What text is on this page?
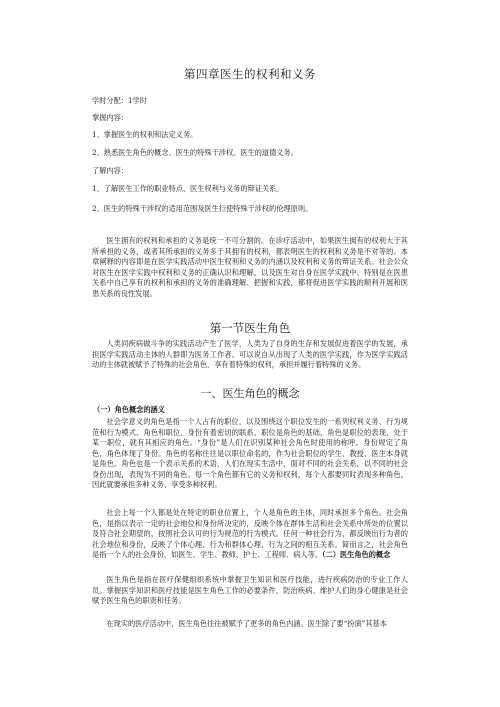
第四章医生的权利和义务
学时分配：1学时
掌握内容：
1、掌握医生的权利和法定义务。
2、熟悉医生角色的概念、医生的特殊干涉权、医生的道德义务。
了解内容：
1、了解医生工作的职业特点、医生权利与义务的辩证关系。
2、医生的特殊干涉权的适用范围及医生行使特殊干涉权的伦理原则。

医生拥有的权利和承担的义务是统一不可分割的。在诊疗活动中，如果医生拥有的权利大于其所承担的义务，或者其所承担的义务多于其拥有的权利，都表明医生的权利和义务是不对等的。本章阐释的内容即是在医学实践活动中医生权利和义务的内涵以及权利和义务的辩证关系。社会公众对医生在医学实践中权利和义务的正确认识和理解，以及医生对自身在医学实践中、特别是在医患关系中自己享有的权利和承担的义务的准确理解、把握和实践，都将促进医学实践的顺利开展和医患关系的良性发展。

第一节医生角色

人类同疾病做斗争的实践活动产生了医学，人类为了自身的生存和发展促进着医学的发展，承担医学实践活动主体的人群即为医务工作者。可以说自从出现了人类的医学实践，作为医学实践活动的主体就被赋予了特殊的社会角色，享有着特殊的权利，承担并履行着特殊的义务。

一、医生角色的概念
（一）角色概念的涵义

社会学意义的角色是指一个人占有的职位，以及围绕这个职位发生的一系列权利义务、行为规范和行为模式。角色和职位、身份有着密切的联系。职位是角色的基础，角色是职位的表现，处于某一职位，就有其相应的角色。“身份”是人们在识别某种社会角色时使用的称呼。身份规定了角色，角色体现了身份。角色的名称往往是以职位命名的，作为社会职位的学生、教授、医生本身就是角色。角色也是一个表示关系的术语，人们在现实生活中，面对不同的社会关系，以不同的社会身份出现，表现为不同的角色。每一个角色都有它的义务和权利，每个人都要同时表现多种角色，因此就要承担多种义务、享受多种权利。

社会上每一个人都是处在特定的职业位置上，个人是角色的主体，同时承担多个角色。社会角色，是指以表示一定的社会地位和身份所决定的，反映个体在群体生活和社会关系中所处的位置以及符合社会期望的，按照社会认可的行为规范的行为模式。任何一种社会行为，都反映出行为者的社会地位和身份，反映了个体心理、行为和群体心理、行为之间的相互关系。简而言之，社会角色是指一个人的社会身份，如医生、学生、教师、护士、工程师、病人等。（二）医生角色的概念

医生角色是指在医疗保健组织系统中掌握卫生知识和医疗技能，进行疾病防治的专业工作人员。掌握医学知识和医疗技能是医生角色工作的必要条件，防治疾病、维护人们的身心健康是社会赋予医生角色的职责和任务。

在现实的医疗活动中，医生角色往往被赋予了更多的角色内涵。医生除了要“扮演”其基本
